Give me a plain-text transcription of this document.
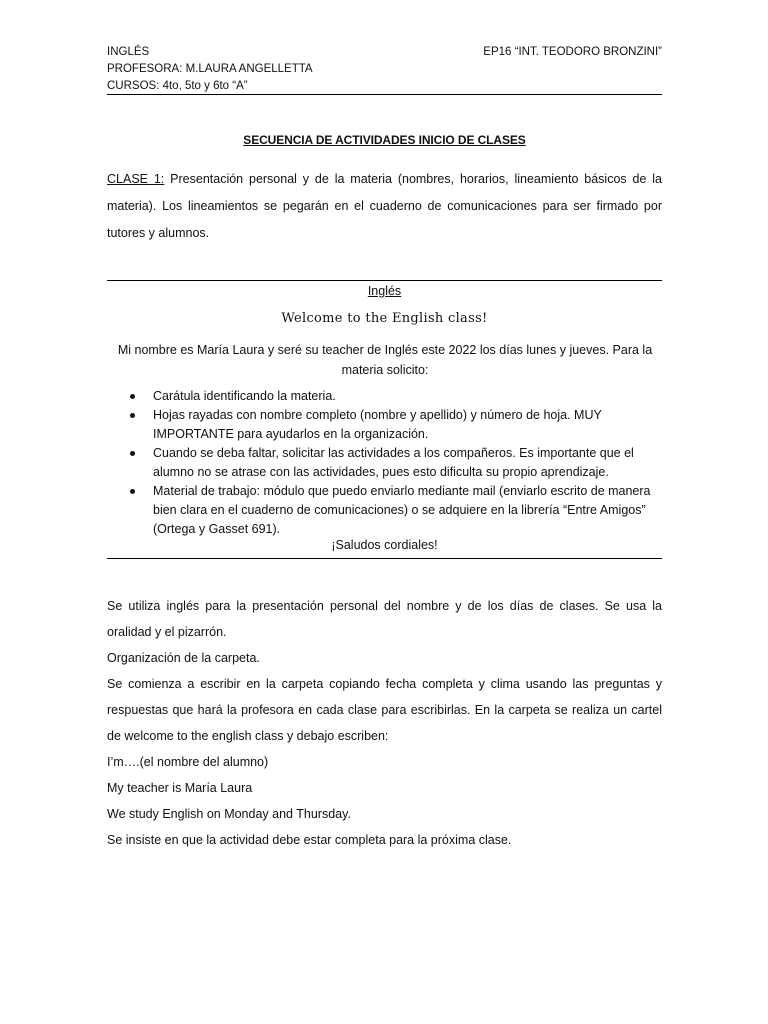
INGLÉS	EP16 “INT. TEODORO BRONZINI”
PROFESORA: M.LAURA ANGELLETTA
CURSOS: 4to, 5to y 6to “A”
SECUENCIA DE ACTIVIDADES INICIO DE CLASES
CLASE 1: Presentación personal y de la materia (nombres, horarios, lineamiento básicos de la materia). Los lineamientos se pegarán en el cuaderno de comunicaciones para ser firmado por tutores y alumnos.
Inglés
Welcome to the English class!
Mi nombre es María Laura y seré su teacher de Inglés este 2022 los días lunes y jueves. Para la materia solicito:
Carátula identificando la materia.
Hojas rayadas con nombre completo (nombre y apellido) y número de hoja. MUY IMPORTANTE para ayudarlos en la organización.
Cuando se deba faltar, solicitar las actividades a los compañeros. Es importante que el alumno no se atrase con las actividades, pues esto dificulta su propio aprendizaje.
Material de trabajo: módulo que puedo enviarlo mediante mail (enviarlo escrito de manera bien clara en el cuaderno de comunicaciones) o se adquiere en la librería “Entre Amigos” (Ortega y Gasset 691).
¡Saludos cordiales!
Se utiliza inglés para la presentación personal del nombre y de los días de clases. Se usa la oralidad y el pizarrón.
Organización de la carpeta.
Se comienza a escribir en la carpeta copiando fecha completa y clima usando las preguntas y respuestas que hará la profesora en cada clase para escribirlas. En la carpeta se realiza un cartel de welcome to the english class y debajo escriben:
I’m….(el nombre del alumno)
My teacher is María Laura
We study English on Monday and Thursday.
Se insiste en que la actividad debe estar completa para la próxima clase.
